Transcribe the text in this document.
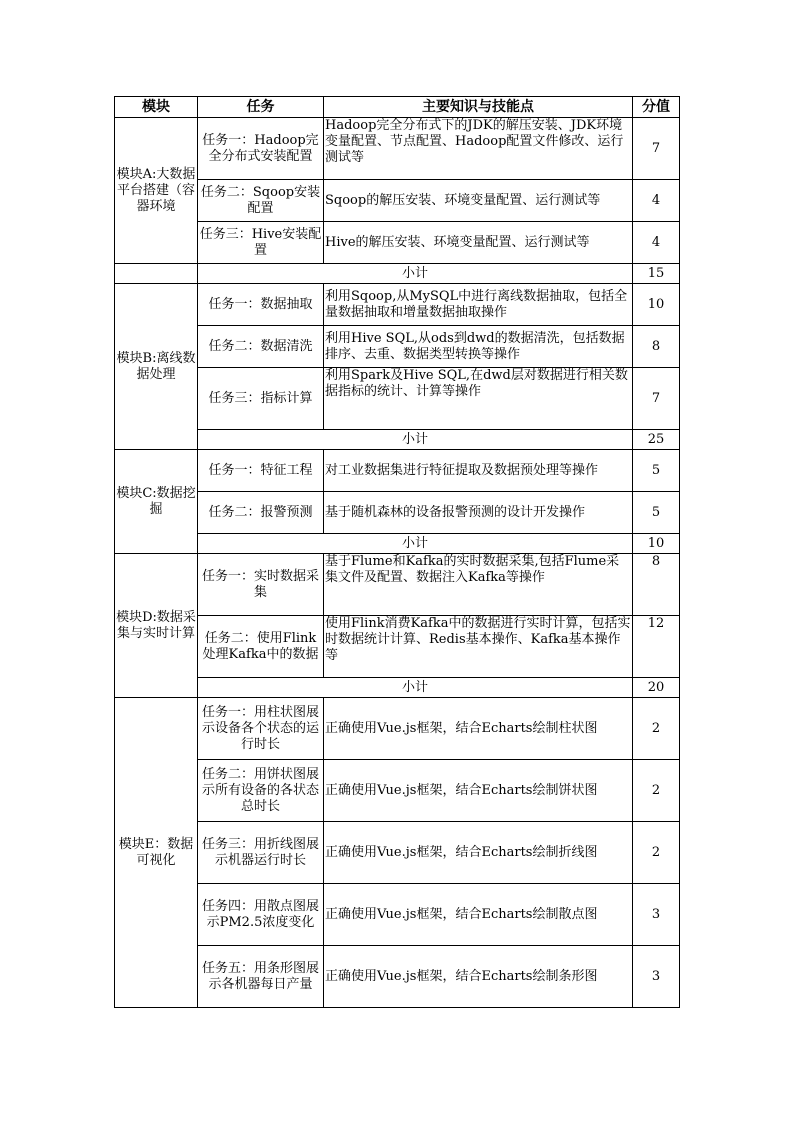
模块	任务	主要知识与技能点	分值
模块A:大数据平台搭建（容器环境	任务一：Hadoop完全分布式安装配置	Hadoop完全分布式下的JDK的解压安装、JDK环境变量配置、节点配置、Hadoop配置文件修改、运行测试等	7
	任务二：Sqoop安装配置	Sqoop的解压安装、环境变量配置、运行测试等	4
	任务三：Hive安装配置	Hive的解压安装、环境变量配置、运行测试等	4
	小计		15
模块B:离线数据处理	任务一：数据抽取	利用Sqoop,从MySQL中进行离线数据抽取，包括全量数据抽取和增量数据抽取操作	10
	任务二：数据清洗	利用Hive SQL,从ods到dwd的数据清洗，包括数据排序、去重、数据类型转换等操作	8
	任务三：指标计算	利用Spark及Hive SQL,在dwd层对数据进行相关数据指标的统计、计算等操作	7
	小计		25
模块C:数据挖掘	任务一：特征工程	对工业数据集进行特征提取及数据预处理等操作	5
	任务二：报警预测	基于随机森林的设备报警预测的设计开发操作	5
	小计		10
模块D:数据采集与实时计算	任务一：实时数据采集	基于Flume和Kafka的实时数据采集,包括Flume采集文件及配置、数据注入Kafka等操作	8
	任务二：使用Flink处理Kafka中的数据	使用Flink消费Kafka中的数据进行实时计算，包括实时数据统计计算、Redis基本操作、Kafka基本操作等	12
	小计		20
模块E：数据可视化	任务一：用柱状图展示设备各个状态的运行时长	正确使用Vue.js框架，结合Echarts绘制柱状图	2
	任务二：用饼状图展示所有设备的各状态总时长	正确使用Vue.js框架，结合Echarts绘制饼状图	2
	任务三：用折线图展示机器运行时长	正确使用Vue.js框架，结合Echarts绘制折线图	2
	任务四：用散点图展示PM2.5浓度变化	正确使用Vue.js框架，结合Echarts绘制散点图	3
	任务五：用条形图展示各机器每日产量	正确使用Vue.js框架，结合Echarts绘制条形图	3
